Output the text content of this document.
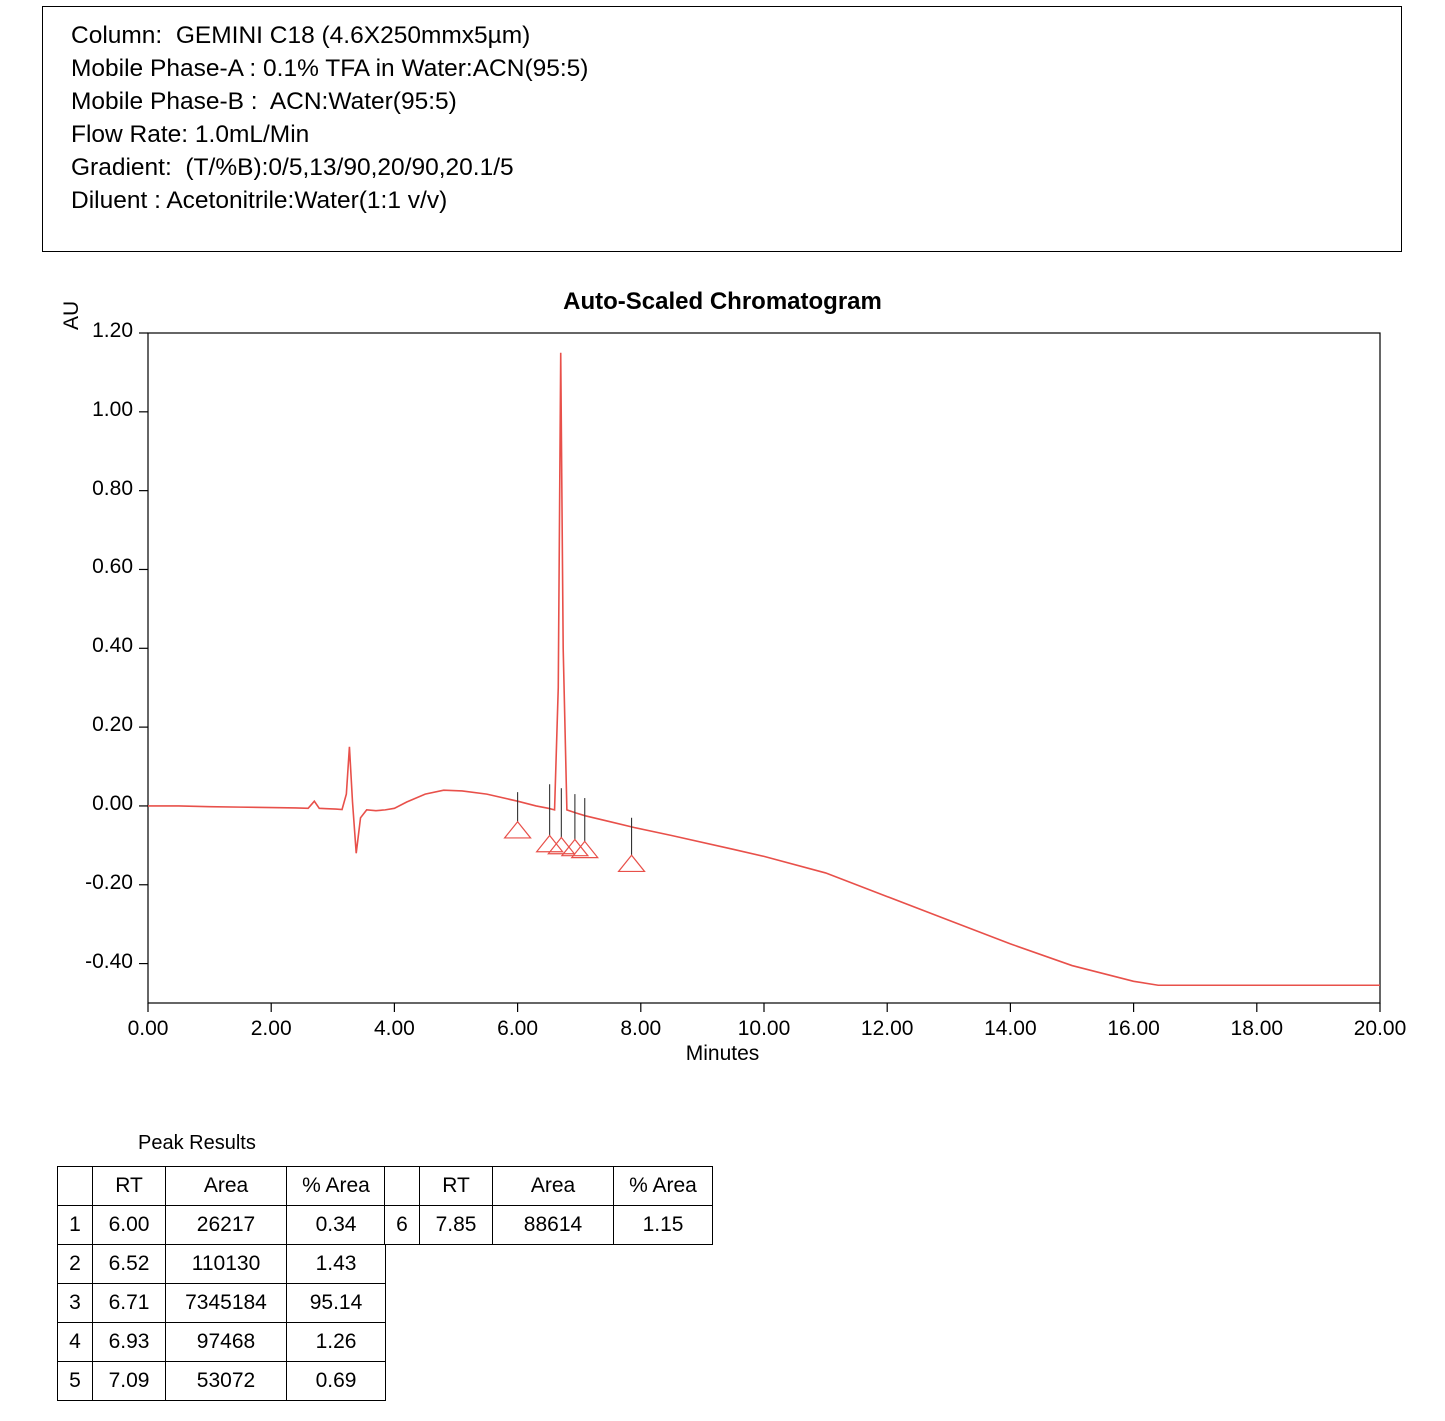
Column:  GEMINI C18 (4.6X250mmx5µm)
Mobile Phase-A : 0.1% TFA in Water:ACN(95:5)
Mobile Phase-B :  ACN:Water(95:5)
Flow Rate: 1.0mL/Min
Gradient:  (T/%B):0/5,13/90,20/90,20.1/5
Diluent : Acetonitrile:Water(1:1 v/v)
Auto-Scaled Chromatogram
AU
Minutes
1.20
1.00
0.80
0.60
0.40
0.20
0.00
-0.20
-0.40
0.00	2.00	4.00	6.00	8.00	10.00	12.00	14.00	16.00	18.00	20.00
Peak Results
	RT	Area	% Area
1	6.00	26217	0.34
2	6.52	110130	1.43
3	6.71	7345184	95.14
4	6.93	97468	1.26
5	7.09	53072	0.69
	RT	Area	% Area
6	7.85	88614	1.15
